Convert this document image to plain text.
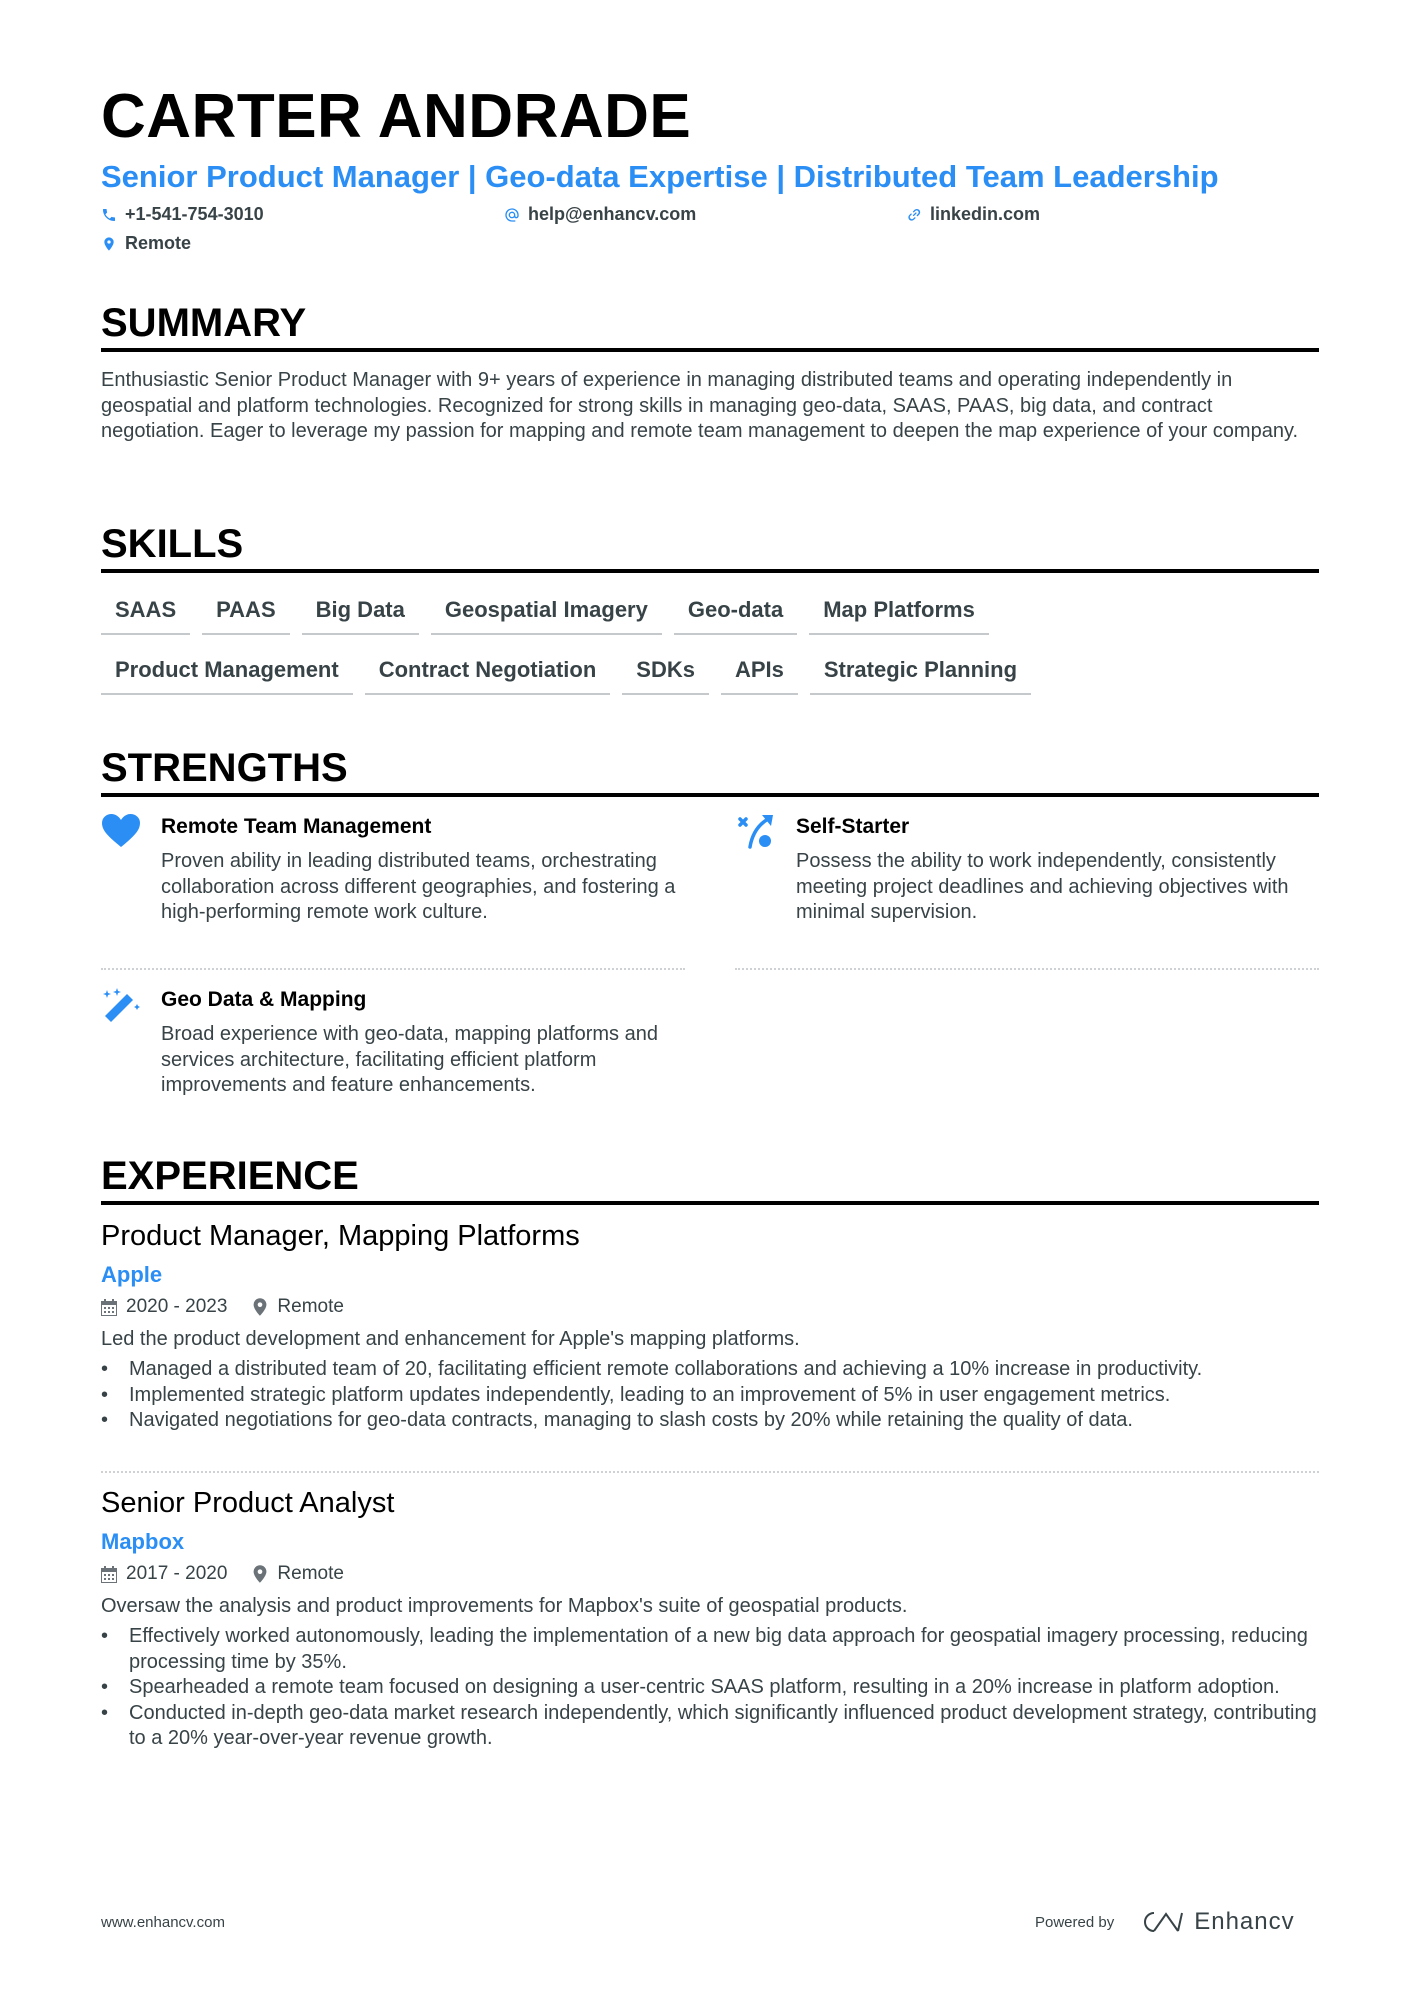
CARTER ANDRADE
Senior Product Manager | Geo-data Expertise | Distributed Team Leadership
+1-541-754-3010	help@enhancv.com	linkedin.com
Remote
SUMMARY
Enthusiastic Senior Product Manager with 9+ years of experience in managing distributed teams and operating independently in geospatial and platform technologies. Recognized for strong skills in managing geo-data, SAAS, PAAS, big data, and contract negotiation. Eager to leverage my passion for mapping and remote team management to deepen the map experience of your company.
SKILLS
SAAS	PAAS	Big Data	Geospatial Imagery	Geo-data	Map Platforms
Product Management	Contract Negotiation	SDKs	APIs	Strategic Planning
STRENGTHS
Remote Team Management
Proven ability in leading distributed teams, orchestrating collaboration across different geographies, and fostering a high-performing remote work culture.
Self-Starter
Possess the ability to work independently, consistently meeting project deadlines and achieving objectives with minimal supervision.
Geo Data & Mapping
Broad experience with geo-data, mapping platforms and services architecture, facilitating efficient platform improvements and feature enhancements.
EXPERIENCE
Product Manager, Mapping Platforms
Apple
2020 - 2023	Remote
Led the product development and enhancement for Apple's mapping platforms.
• Managed a distributed team of 20, facilitating efficient remote collaborations and achieving a 10% increase in productivity.
• Implemented strategic platform updates independently, leading to an improvement of 5% in user engagement metrics.
• Navigated negotiations for geo-data contracts, managing to slash costs by 20% while retaining the quality of data.
Senior Product Analyst
Mapbox
2017 - 2020	Remote
Oversaw the analysis and product improvements for Mapbox's suite of geospatial products.
• Effectively worked autonomously, leading the implementation of a new big data approach for geospatial imagery processing, reducing processing time by 35%.
• Spearheaded a remote team focused on designing a user-centric SAAS platform, resulting in a 20% increase in platform adoption.
• Conducted in-depth geo-data market research independently, which significantly influenced product development strategy, contributing to a 20% year-over-year revenue growth.
www.enhancv.com	Powered by	Enhancv
